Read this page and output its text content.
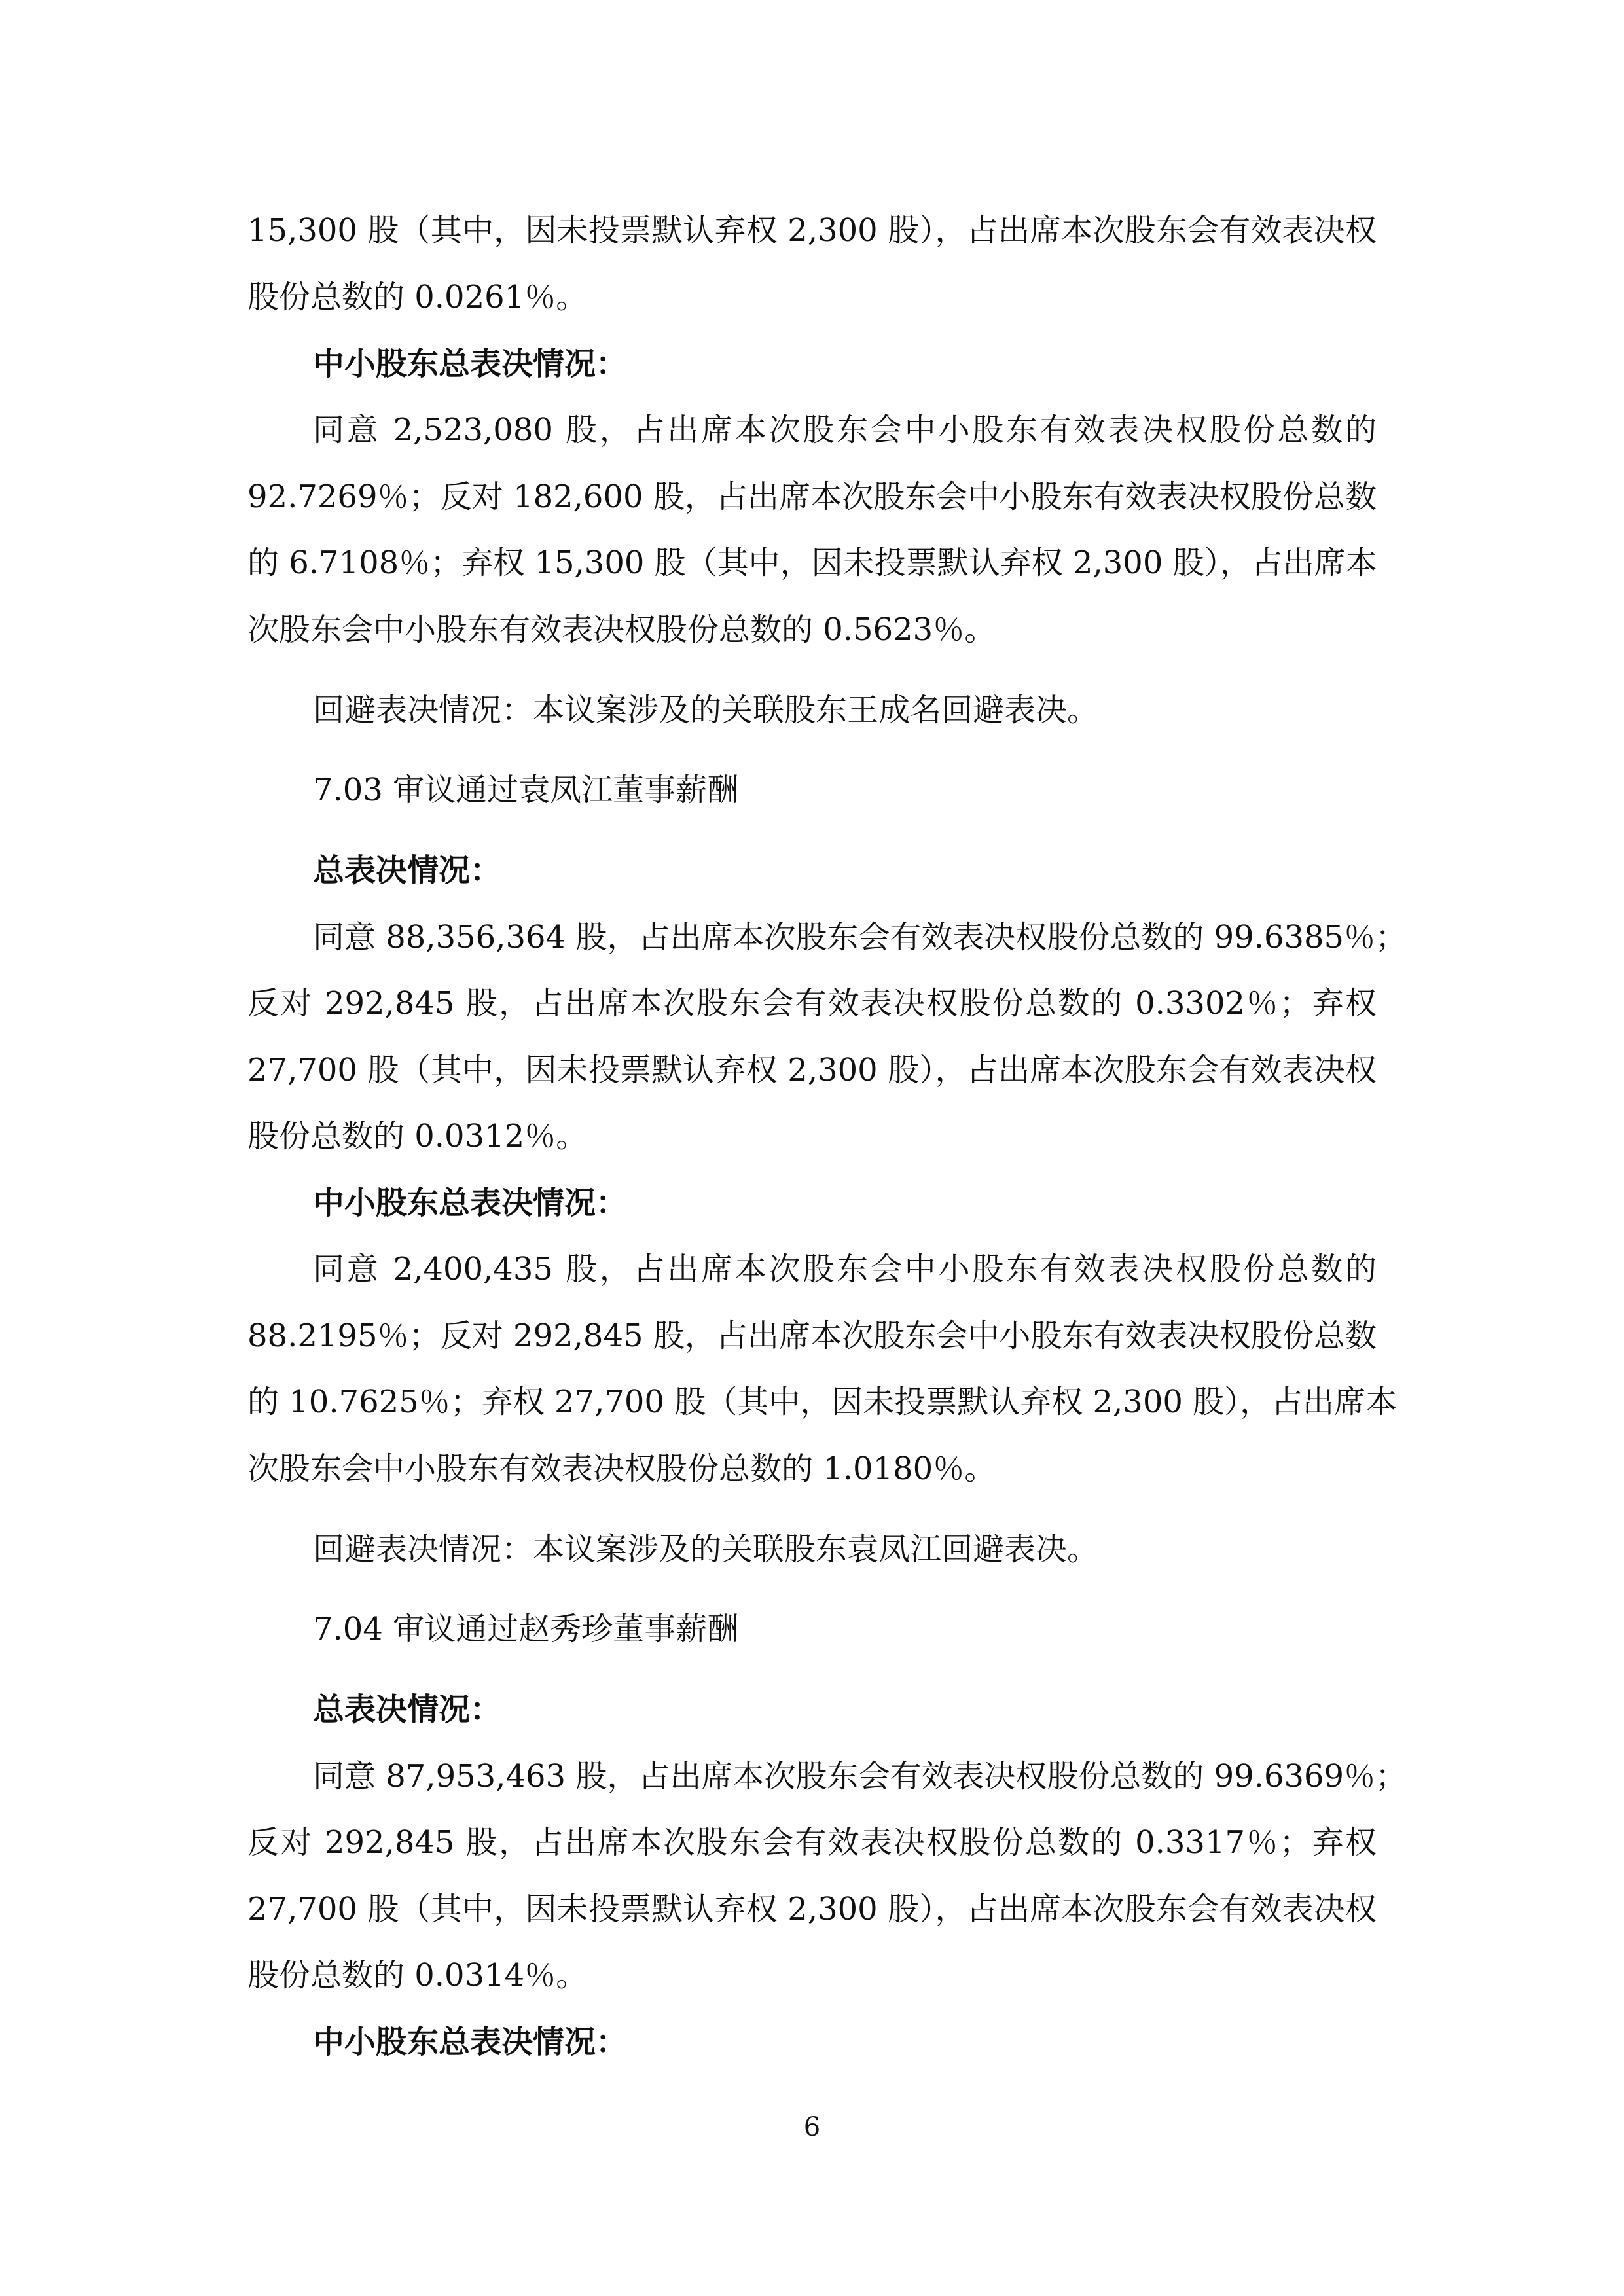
15,300 股（其中，因未投票默认弃权 2,300 股），占出席本次股东会有效表决权
股份总数的 0.0261％。
中小股东总表决情况：
同意 2,523,080 股，占出席本次股东会中小股东有效表决权股份总数的
92.7269％；反对 182,600 股，占出席本次股东会中小股东有效表决权股份总数
的 6.7108％；弃权 15,300 股（其中，因未投票默认弃权 2,300 股），占出席本
次股东会中小股东有效表决权股份总数的 0.5623％。
回避表决情况：本议案涉及的关联股东王成名回避表决。
7.03 审议通过袁凤江董事薪酬
总表决情况：
同意 88,356,364 股，占出席本次股东会有效表决权股份总数的 99.6385％；
反对 292,845 股，占出席本次股东会有效表决权股份总数的 0.3302％；弃权
27,700 股（其中，因未投票默认弃权 2,300 股），占出席本次股东会有效表决权
股份总数的 0.0312％。
中小股东总表决情况：
同意 2,400,435 股，占出席本次股东会中小股东有效表决权股份总数的
88.2195％；反对 292,845 股，占出席本次股东会中小股东有效表决权股份总数
的 10.7625％；弃权 27,700 股（其中，因未投票默认弃权 2,300 股），占出席本
次股东会中小股东有效表决权股份总数的 1.0180％。
回避表决情况：本议案涉及的关联股东袁凤江回避表决。
7.04 审议通过赵秀珍董事薪酬
总表决情况：
同意 87,953,463 股，占出席本次股东会有效表决权股份总数的 99.6369％；
反对 292,845 股，占出席本次股东会有效表决权股份总数的 0.3317％；弃权
27,700 股（其中，因未投票默认弃权 2,300 股），占出席本次股东会有效表决权
股份总数的 0.0314％。
中小股东总表决情况：
6
